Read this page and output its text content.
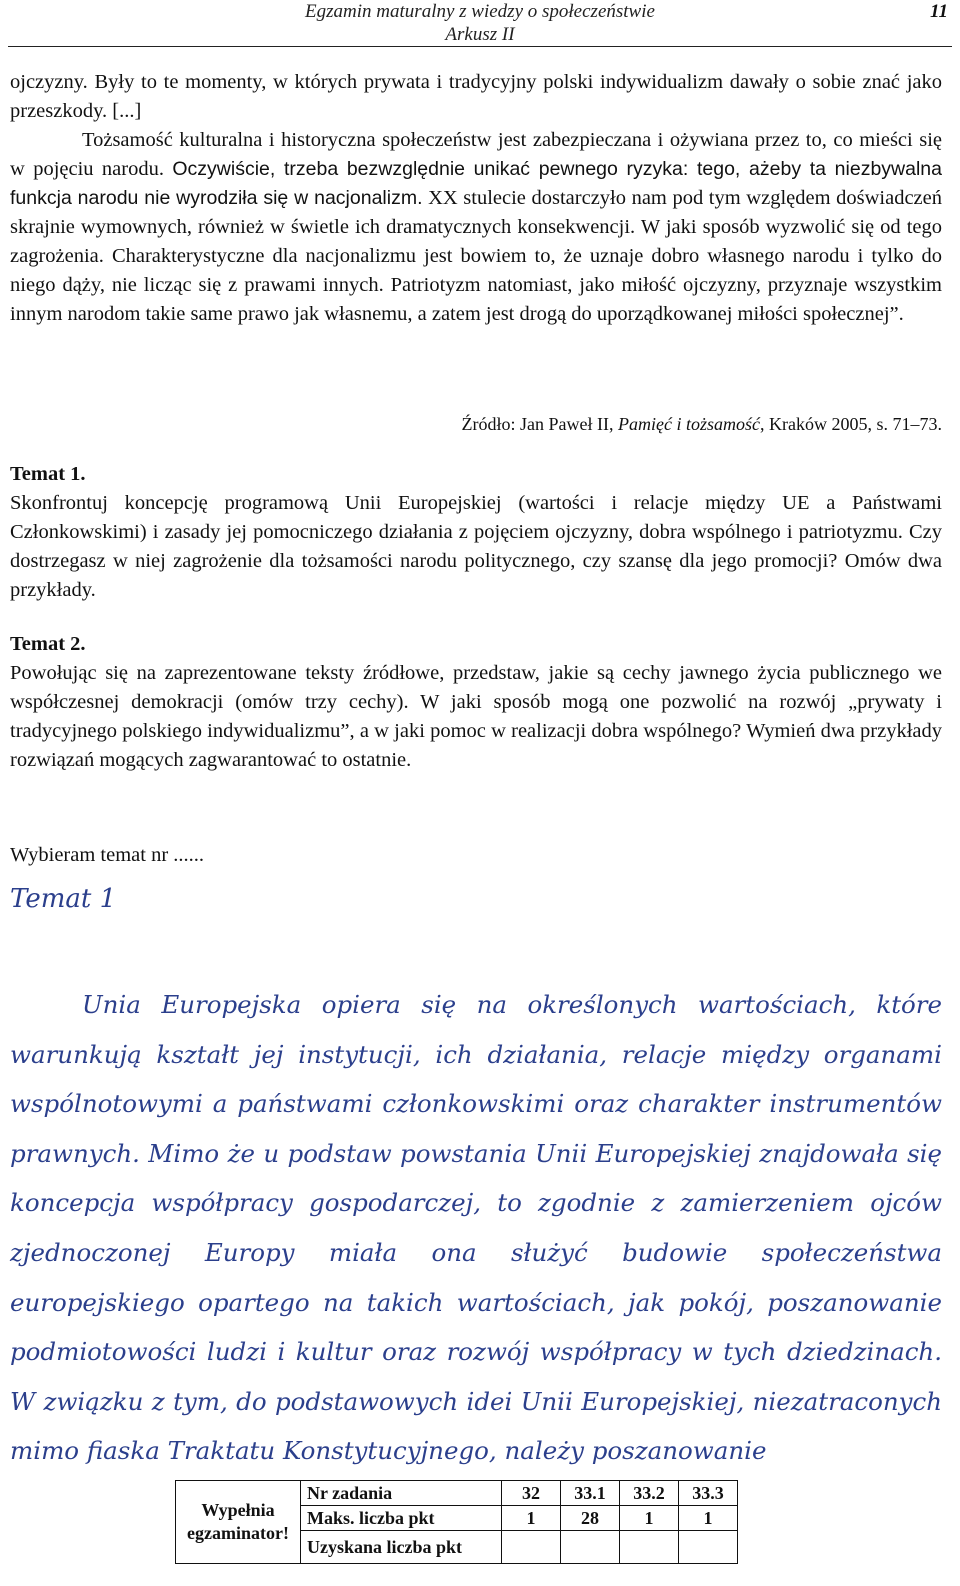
Egzamin maturalny z wiedzy o społeczeństwie
Arkusz II
11

ojczyzny. Były to te momenty, w których prywata i tradycyjny polski indywidualizm dawały o sobie znać jako przeszkody. [...]

Tożsamość kulturalna i historyczna społeczeństw jest zabezpieczana i ożywiana przez to, co mieści się w pojęciu narodu. Oczywiście, trzeba bezwzględnie unikać pewnego ryzyka: tego, ażeby ta niezbywalna funkcja narodu nie wyrodziła się w nacjonalizm. XX stulecie dostarczyło nam pod tym względem doświadczeń skrajnie wymownych, również w świetle ich dramatycznych konsekwencji. W jaki sposób wyzwolić się od tego zagrożenia. Charakterystyczne dla nacjonalizmu jest bowiem to, że uznaje dobro własnego narodu i tylko do niego dąży, nie licząc się z prawami innych. Patriotyzm natomiast, jako miłość ojczyzny, przyznaje wszystkim innym narodom takie same prawo jak własnemu, a zatem jest drogą do uporządkowanej miłości społecznej”.

Źródło: Jan Paweł II, Pamięć i tożsamość, Kraków 2005, s. 71–73.
Temat 1.

Skonfrontuj koncepcję programową Unii Europejskiej (wartości i relacje między UE a Państwami Członkowskimi) i zasady jej pomocniczego działania z pojęciem ojczyzny, dobra wspólnego i patriotyzmu. Czy dostrzegasz w niej zagrożenie dla tożsamości narodu politycznego, czy szansę dla jego promocji? Omów dwa przykłady.

Temat 2.

Powołując się na zaprezentowane teksty źródłowe, przedstaw, jakie są cechy jawnego życia publicznego we współczesnej demokracji (omów trzy cechy). W jaki sposób mogą one pozwolić na rozwój „prywaty i tradycyjnego polskiego indywidualizmu”, a w jaki pomoc w realizacji dobra wspólnego? Wymień dwa przykłady rozwiązań mogących zagwarantować to ostatnie.

Wybieram temat nr ......
Temat 1
Unia Europejska opiera się na określonych wartościach, które warunkują kształt jej instytucji, ich działania, relacje między organami wspólnotowymi a państwami członkowskimi oraz charakter instrumentów prawnych. Mimo że u podstaw powstania Unii Europejskiej znajdowała się koncepcja współpracy gospodarczej, to zgodnie z zamierzeniem ojców zjednoczonej Europy miała ona służyć budowie społeczeństwa europejskiego opartego na takich wartościach, jak pokój, poszanowanie podmiotowości ludzi i kultur oraz rozwój współpracy w tych dziedzinach. W związku z tym, do podstawowych idei Unii Europejskiej, niezatraconych mimo fiaska Traktatu Konstytucyjnego, należy poszanowanie
Wypełnia egzaminator!	Nr zadania	32	33.1	33.2	33.3
	Maks. liczba pkt	1	28	1	1
	Uzyskana liczba pkt				
